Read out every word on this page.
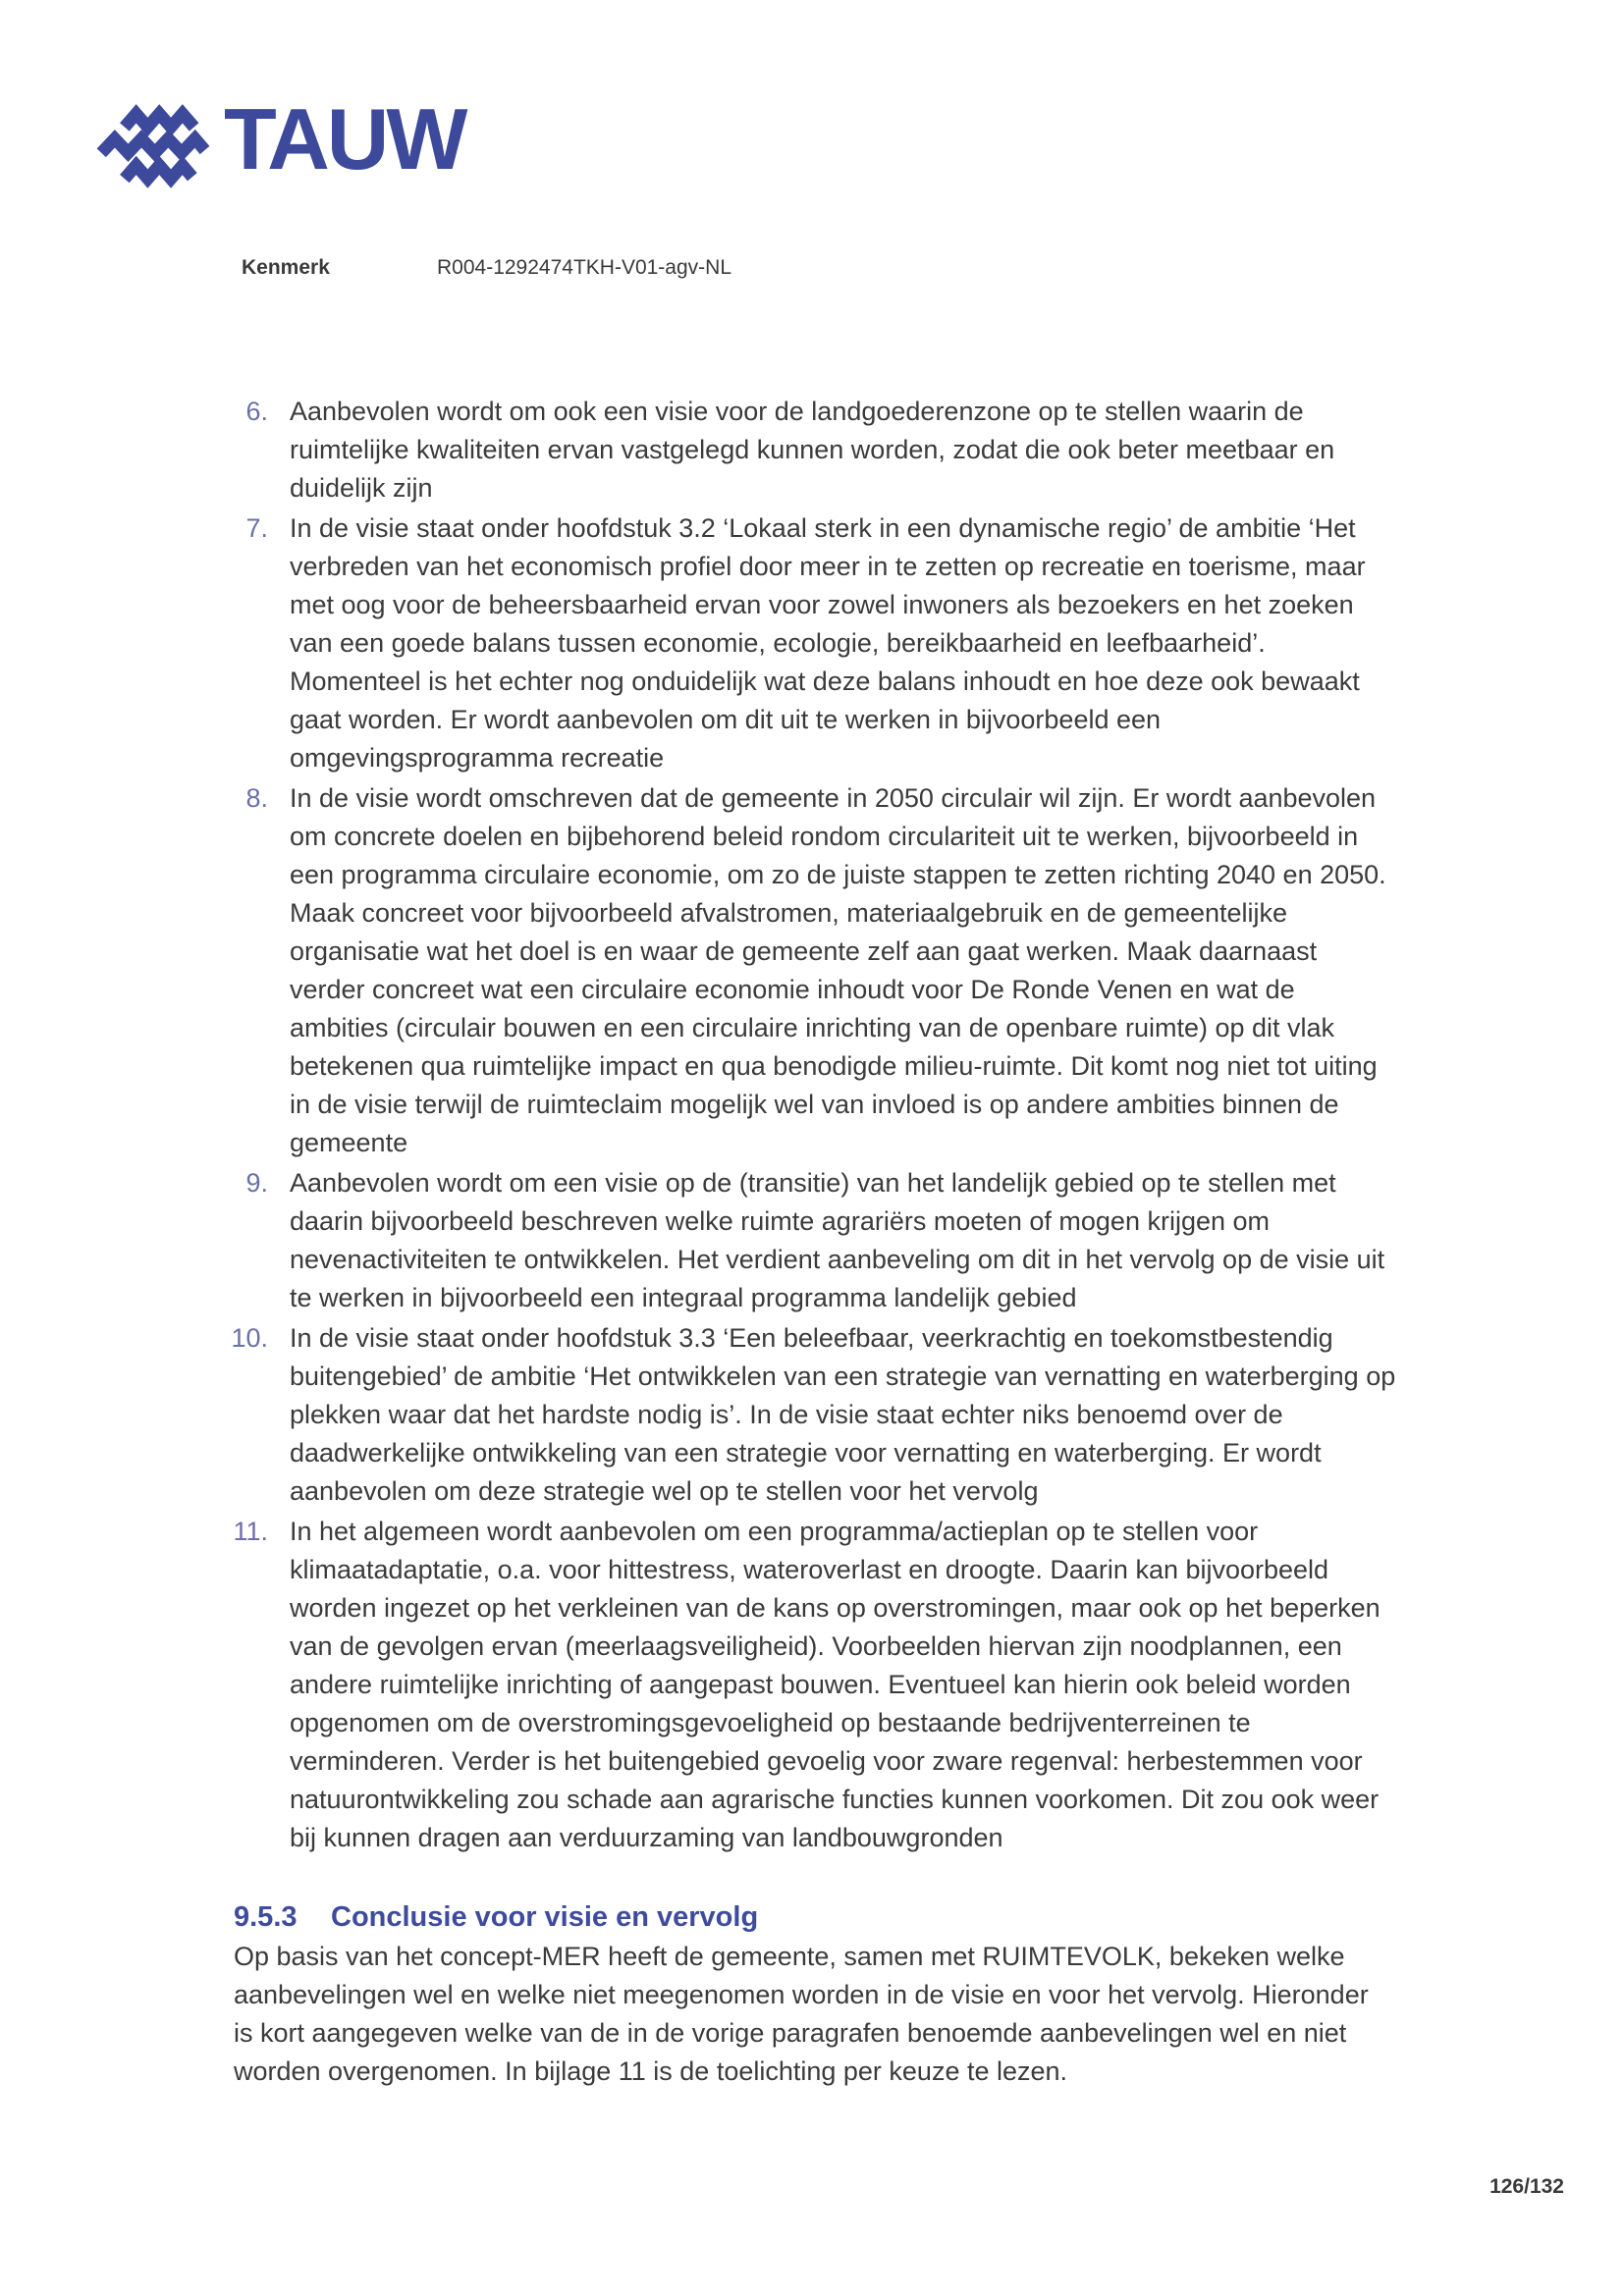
TAUW
Kenmerk	R004-1292474TKH-V01-agv-NL
6. Aanbevolen wordt om ook een visie voor de landgoederenzone op te stellen waarin de ruimtelijke kwaliteiten ervan vastgelegd kunnen worden, zodat die ook beter meetbaar en duidelijk zijn
7. In de visie staat onder hoofdstuk 3.2 ‘Lokaal sterk in een dynamische regio’ de ambitie ‘Het verbreden van het economisch profiel door meer in te zetten op recreatie en toerisme, maar met oog voor de beheersbaarheid ervan voor zowel inwoners als bezoekers en het zoeken van een goede balans tussen economie, ecologie, bereikbaarheid en leefbaarheid’. Momenteel is het echter nog onduidelijk wat deze balans inhoudt en hoe deze ook bewaakt gaat worden. Er wordt aanbevolen om dit uit te werken in bijvoorbeeld een omgevingsprogramma recreatie
8. In de visie wordt omschreven dat de gemeente in 2050 circulair wil zijn. Er wordt aanbevolen om concrete doelen en bijbehorend beleid rondom circulariteit uit te werken, bijvoorbeeld in een programma circulaire economie, om zo de juiste stappen te zetten richting 2040 en 2050. Maak concreet voor bijvoorbeeld afvalstromen, materiaalgebruik en de gemeentelijke organisatie wat het doel is en waar de gemeente zelf aan gaat werken. Maak daarnaast verder concreet wat een circulaire economie inhoudt voor De Ronde Venen en wat de ambities (circulair bouwen en een circulaire inrichting van de openbare ruimte) op dit vlak betekenen qua ruimtelijke impact en qua benodigde milieu-ruimte. Dit komt nog niet tot uiting in de visie terwijl de ruimteclaim mogelijk wel van invloed is op andere ambities binnen de gemeente
9. Aanbevolen wordt om een visie op de (transitie) van het landelijk gebied op te stellen met daarin bijvoorbeeld beschreven welke ruimte agrariërs moeten of mogen krijgen om nevenactiviteiten te ontwikkelen. Het verdient aanbeveling om dit in het vervolg op de visie uit te werken in bijvoorbeeld een integraal programma landelijk gebied
10. In de visie staat onder hoofdstuk 3.3 ‘Een beleefbaar, veerkrachtig en toekomstbestendig buitengebied’ de ambitie ‘Het ontwikkelen van een strategie van vernatting en waterberging op plekken waar dat het hardste nodig is’. In de visie staat echter niks benoemd over de daadwerkelijke ontwikkeling van een strategie voor vernatting en waterberging. Er wordt aanbevolen om deze strategie wel op te stellen voor het vervolg
11. In het algemeen wordt aanbevolen om een programma/actieplan op te stellen voor klimaatadaptatie, o.a. voor hittestress, wateroverlast en droogte. Daarin kan bijvoorbeeld worden ingezet op het verkleinen van de kans op overstromingen, maar ook op het beperken van de gevolgen ervan (meerlaagsveiligheid). Voorbeelden hiervan zijn noodplannen, een andere ruimtelijke inrichting of aangepast bouwen. Eventueel kan hierin ook beleid worden opgenomen om de overstromingsgevoeligheid op bestaande bedrijventerreinen te verminderen. Verder is het buitengebied gevoelig voor zware regenval: herbestemmen voor natuurontwikkeling zou schade aan agrarische functies kunnen voorkomen. Dit zou ook weer bij kunnen dragen aan verduurzaming van landbouwgronden
9.5.3	Conclusie voor visie en vervolg
Op basis van het concept-MER heeft de gemeente, samen met RUIMTEVOLK, bekeken welke aanbevelingen wel en welke niet meegenomen worden in de visie en voor het vervolg. Hieronder is kort aangegeven welke van de in de vorige paragrafen benoemde aanbevelingen wel en niet worden overgenomen. In bijlage 11 is de toelichting per keuze te lezen.
126/132
